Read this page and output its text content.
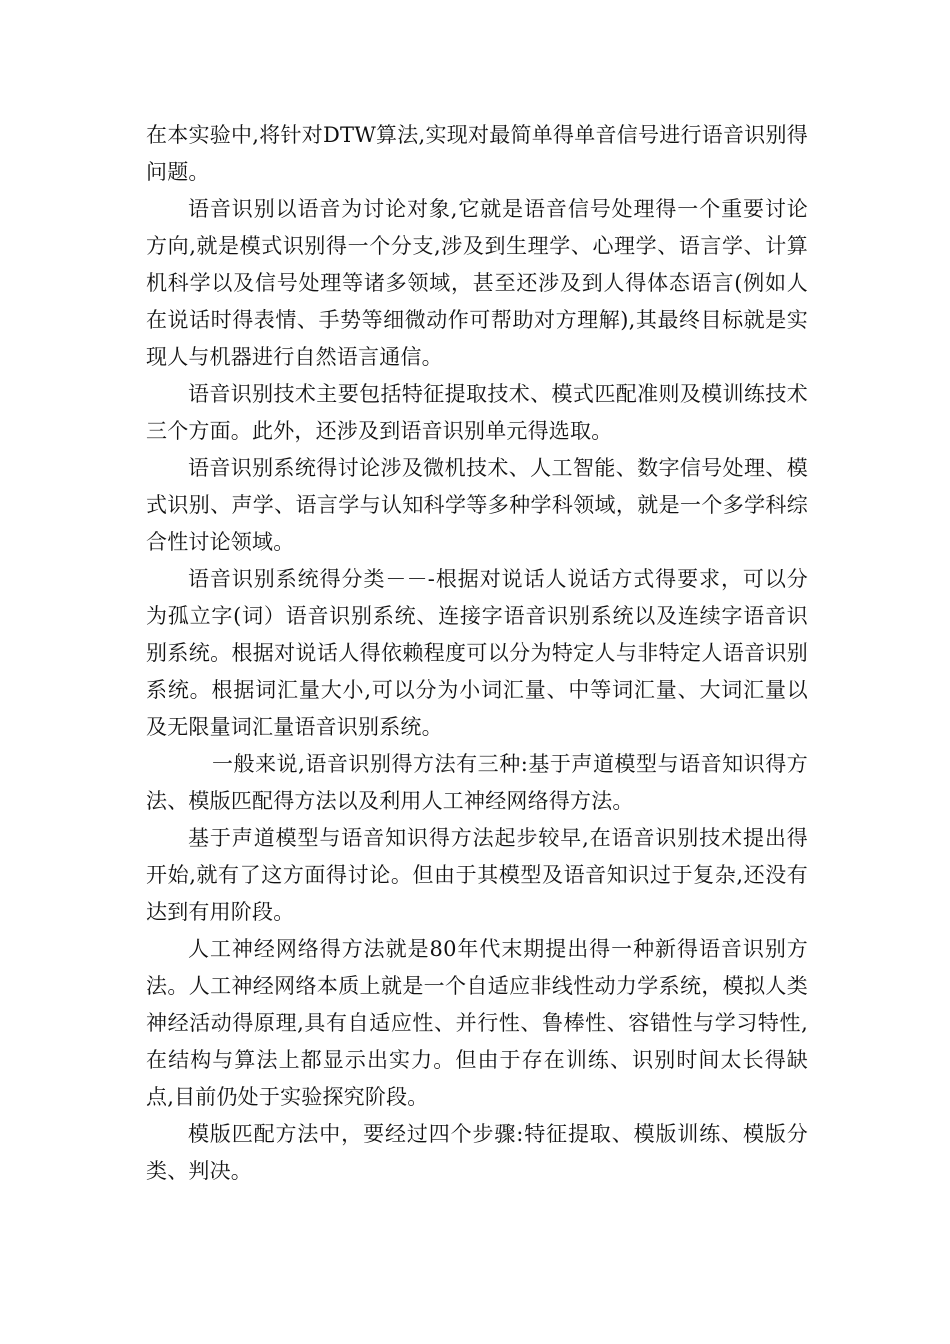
在本实验中,将针对DTW算法,实现对最简单得单音信号进行语音识别得问题。

语音识别以语音为讨论对象,它就是语音信号处理得一个重要讨论方向,就是模式识别得一个分支,涉及到生理学、心理学、语言学、计算机科学以及信号处理等诸多领域，甚至还涉及到人得体态语言(例如人在说话时得表情、手势等细微动作可帮助对方理解),其最终目标就是实现人与机器进行自然语言通信。

语音识别技术主要包括特征提取技术、模式匹配准则及模训练技术三个方面。此外，还涉及到语音识别单元得选取。

语音识别系统得讨论涉及微机技术、人工智能、数字信号处理、模式识别、声学、语言学与认知科学等多种学科领域，就是一个多学科综合性讨论领域。

语音识别系统得分类－－-根据对说话人说话方式得要求，可以分为孤立字(词）语音识别系统、连接字语音识别系统以及连续字语音识别系统。根据对说话人得依赖程度可以分为特定人与非特定人语音识别系统。根据词汇量大小,可以分为小词汇量、中等词汇量、大词汇量以及无限量词汇量语音识别系统。

一般来说,语音识别得方法有三种:基于声道模型与语音知识得方法、模版匹配得方法以及利用人工神经网络得方法。

基于声道模型与语音知识得方法起步较早,在语音识别技术提出得开始,就有了这方面得讨论。但由于其模型及语音知识过于复杂,还没有达到有用阶段。

人工神经网络得方法就是80年代末期提出得一种新得语音识别方法。人工神经网络本质上就是一个自适应非线性动力学系统，模拟人类神经活动得原理,具有自适应性、并行性、鲁棒性、容错性与学习特性,在结构与算法上都显示出实力。但由于存在训练、识别时间太长得缺点,目前仍处于实验探究阶段。

模版匹配方法中，要经过四个步骤:特征提取、模版训练、模版分类、判决。
